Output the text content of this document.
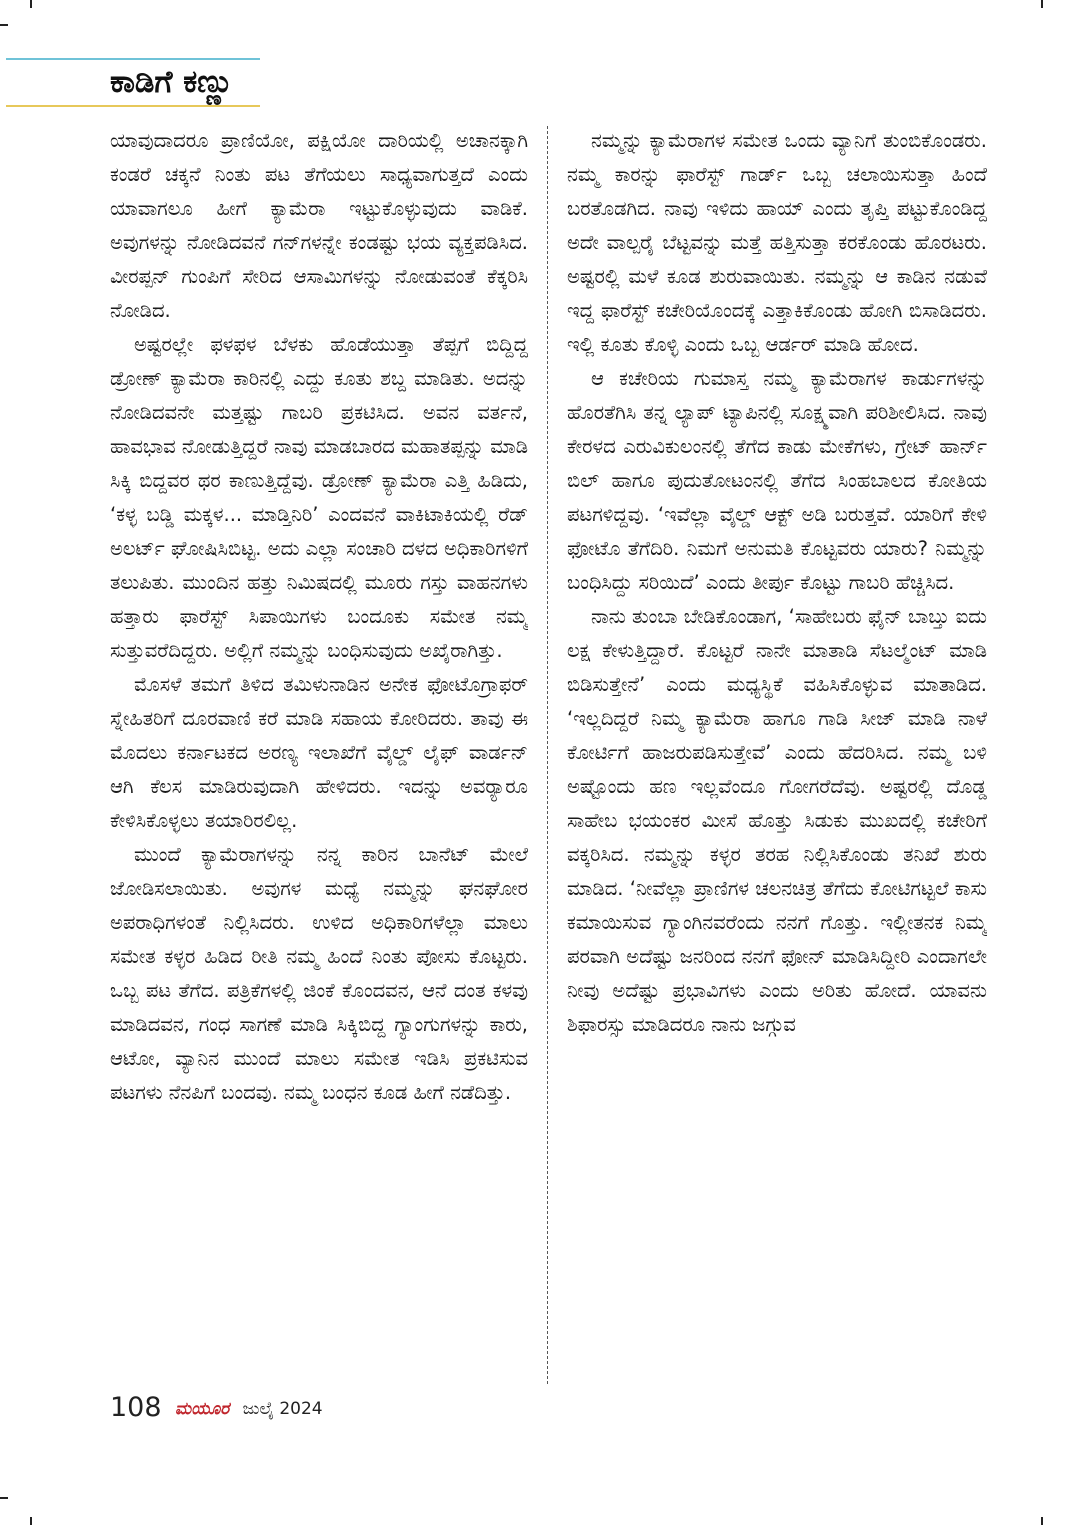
ಕಾಡಿಗೆ ಕಣ್ಣು

ಯಾವುದಾದರೂ ಪ್ರಾಣಿಯೋ, ಪಕ್ಷಿಯೋ ದಾರಿಯಲ್ಲಿ ಅಚಾನಕ್ಕಾಗಿ ಕಂಡರೆ ಚಕ್ಕನೆ ನಿಂತು ಪಟ ತೆಗೆಯಲು ಸಾಧ್ಯವಾಗುತ್ತದೆ ಎಂದು ಯಾವಾಗಲೂ ಹೀಗೆ ಕ್ಯಾಮೆರಾ ಇಟ್ಟುಕೊಳ್ಳುವುದು ವಾಡಿಕೆ. ಅವುಗಳನ್ನು ನೋಡಿದವನೆ ಗನ್‌ಗಳನ್ನೇ ಕಂಡಷ್ಟು ಭಯ ವ್ಯಕ್ತಪಡಿಸಿದ. ವೀರಪ್ಪನ್ ಗುಂಪಿಗೆ ಸೇರಿದ ಆಸಾಮಿಗಳನ್ನು ನೋಡುವಂತೆ ಕೆಕ್ಕರಿಸಿ ನೋಡಿದ.

ಅಷ್ಟರಲ್ಲೇ ಫಳಫಳ ಬೆಳಕು ಹೊಡೆಯುತ್ತಾ ತೆಪ್ಪಗೆ ಬಿದ್ದಿದ್ದ ಡ್ರೋಣ್ ಕ್ಯಾಮೆರಾ ಕಾರಿನಲ್ಲಿ ಎದ್ದು ಕೂತು ಶಬ್ದ ಮಾಡಿತು. ಅದನ್ನು ನೋಡಿದವನೇ ಮತ್ತಷ್ಟು ಗಾಬರಿ ಪ್ರಕಟಿಸಿದ. ಅವನ ವರ್ತನೆ, ಹಾವಭಾವ ನೋಡುತ್ತಿದ್ದರೆ ನಾವು ಮಾಡಬಾರದ ಮಹಾತಪ್ಪನ್ನು ಮಾಡಿ ಸಿಕ್ಕಿ ಬಿದ್ದವರ ಥರ ಕಾಣುತ್ತಿದ್ದೆವು. ಡ್ರೋಣ್ ಕ್ಯಾಮೆರಾ ಎತ್ತಿ ಹಿಡಿದು, ‘ಕಳ್ಳ ಬಡ್ಡಿ ಮಕ್ಕಳ... ಮಾಡ್ತಿನಿರಿ’ ಎಂದವನೆ ವಾಕಿಟಾಕಿಯಲ್ಲಿ ರೆಡ್ ಅಲರ್ಟ್ ಘೋಷಿಸಿಬಿಟ್ಟ. ಅದು ಎಲ್ಲಾ ಸಂಚಾರಿ ದಳದ ಅಧಿಕಾರಿಗಳಿಗೆ ತಲುಪಿತು. ಮುಂದಿನ ಹತ್ತು ನಿಮಿಷದಲ್ಲಿ ಮೂರು ಗಸ್ತು ವಾಹನಗಳು ಹತ್ತಾರು ಫಾರೆಸ್ಟ್ ಸಿಪಾಯಿಗಳು ಬಂದೂಕು ಸಮೇತ ನಮ್ಮ ಸುತ್ತುವರೆದಿದ್ದರು. ಅಲ್ಲಿಗೆ ನಮ್ಮನ್ನು ಬಂಧಿಸುವುದು ಅಖೈರಾಗಿತ್ತು.

ಮೊಸಳೆ ತಮಗೆ ತಿಳಿದ ತಮಿಳುನಾಡಿನ ಅನೇಕ ಫೋಟೊಗ್ರಾಫರ್ ಸ್ನೇಹಿತರಿಗೆ ದೂರವಾಣಿ ಕರೆ ಮಾಡಿ ಸಹಾಯ ಕೋರಿದರು. ತಾವು ಈ ಮೊದಲು ಕರ್ನಾಟಕದ ಅರಣ್ಯ ಇಲಾಖೆಗೆ ವೈಲ್ಡ್ ಲೈಫ್ ವಾರ್ಡನ್ ಆಗಿ ಕೆಲಸ ಮಾಡಿರುವುದಾಗಿ ಹೇಳಿದರು. ಇದನ್ನು ಅವರ್‍ಯಾರೂ ಕೇಳಿಸಿಕೊಳ್ಳಲು ತಯಾರಿರಲಿಲ್ಲ.

ಮುಂದೆ ಕ್ಯಾಮೆರಾಗಳನ್ನು ನನ್ನ ಕಾರಿನ ಬಾನೆಟ್ ಮೇಲೆ ಜೋಡಿಸಲಾಯಿತು. ಅವುಗಳ ಮಧ್ಯೆ ನಮ್ಮನ್ನು ಘನಘೋರ ಅಪರಾಧಿಗಳಂತೆ ನಿಲ್ಲಿಸಿದರು. ಉಳಿದ ಅಧಿಕಾರಿಗಳೆಲ್ಲಾ ಮಾಲು ಸಮೇತ ಕಳ್ಳರ ಹಿಡಿದ ರೀತಿ ನಮ್ಮ ಹಿಂದೆ ನಿಂತು ಪೋಸು ಕೊಟ್ಟರು. ಒಬ್ಬ ಪಟ ತೆಗೆದ. ಪತ್ರಿಕೆಗಳಲ್ಲಿ ಜಿಂಕೆ ಕೊಂದವನ, ಆನೆ ದಂತ ಕಳವು ಮಾಡಿದವನ, ಗಂಧ ಸಾಗಣೆ ಮಾಡಿ ಸಿಕ್ಕಿಬಿದ್ದ ಗ್ಯಾಂಗುಗಳನ್ನು ಕಾರು, ಆಟೋ, ವ್ಯಾನಿನ ಮುಂದೆ ಮಾಲು ಸಮೇತ ಇಡಿಸಿ ಪ್ರಕಟಿಸುವ ಪಟಗಳು ನೆನಪಿಗೆ ಬಂದವು. ನಮ್ಮ ಬಂಧನ ಕೂಡ ಹೀಗೆ ನಡೆದಿತ್ತು.

ನಮ್ಮನ್ನು ಕ್ಯಾಮೆರಾಗಳ ಸಮೇತ ಒಂದು ವ್ಯಾನಿಗೆ ತುಂಬಿಕೊಂಡರು. ನಮ್ಮ ಕಾರನ್ನು ಫಾರೆಸ್ಟ್ ಗಾರ್ಡ್ ಒಬ್ಬ ಚಲಾಯಿಸುತ್ತಾ ಹಿಂದೆ ಬರತೊಡಗಿದ. ನಾವು ಇಳಿದು ಹಾಯ್ ಎಂದು ತೃಪ್ತಿ ಪಟ್ಟುಕೊಂಡಿದ್ದ ಅದೇ ವಾಲ್ಪರೈ ಬೆಟ್ಟವನ್ನು ಮತ್ತೆ ಹತ್ತಿಸುತ್ತಾ ಕರಕೊಂಡು ಹೊರಟರು. ಅಷ್ಟರಲ್ಲಿ ಮಳೆ ಕೂಡ ಶುರುವಾಯಿತು. ನಮ್ಮನ್ನು ಆ ಕಾಡಿನ ನಡುವೆ ಇದ್ದ ಫಾರೆಸ್ಟ್ ಕಚೇರಿಯೊಂದಕ್ಕೆ ಎತ್ತಾಕಿಕೊಂಡು ಹೋಗಿ ಬಿಸಾಡಿದರು. ಇಲ್ಲಿ ಕೂತು ಕೊಳ್ಳಿ ಎಂದು ಒಬ್ಬ ಆರ್ಡರ್ ಮಾಡಿ ಹೋದ.

ಆ ಕಚೇರಿಯ ಗುಮಾಸ್ತ ನಮ್ಮ ಕ್ಯಾಮೆರಾಗಳ ಕಾರ್ಡುಗಳನ್ನು ಹೊರತೆಗಿಸಿ ತನ್ನ ಲ್ಯಾಪ್ ಟ್ಯಾಪಿನಲ್ಲಿ ಸೂಕ್ಷ್ಮವಾಗಿ ಪರಿಶೀಲಿಸಿದ. ನಾವು ಕೇರಳದ ಎರುವಿಕುಲಂನಲ್ಲಿ ತೆಗೆದ ಕಾಡು ಮೇಕೆಗಳು, ಗ್ರೇಟ್ ಹಾರ್ನ್ ಬಿಲ್ ಹಾಗೂ ಪುದುತೋಟಂನಲ್ಲಿ ತೆಗೆದ ಸಿಂಹಬಾಲದ ಕೋತಿಯ ಪಟಗಳಿದ್ದವು. ‘ಇವೆಲ್ಲಾ ವೈಲ್ಡ್ ಆಕ್ಟ್ ಅಡಿ ಬರುತ್ತವೆ. ಯಾರಿಗೆ ಕೇಳಿ ಫೋಟೊ ತೆಗೆದಿರಿ. ನಿಮಗೆ ಅನುಮತಿ ಕೊಟ್ಟವರು ಯಾರು? ನಿಮ್ಮನ್ನು ಬಂಧಿಸಿದ್ದು ಸರಿಯಿದೆ’ ಎಂದು ತೀರ್ಪು ಕೊಟ್ಟು ಗಾಬರಿ ಹೆಚ್ಚಿಸಿದ.

ನಾನು ತುಂಬಾ ಬೇಡಿಕೊಂಡಾಗ, ‘ಸಾಹೇಬರು ಫೈನ್ ಬಾಬ್ತು ಐದು ಲಕ್ಷ ಕೇಳುತ್ತಿದ್ದಾರೆ. ಕೊಟ್ಟರೆ ನಾನೇ ಮಾತಾಡಿ ಸೆಟಲ್ಮೆಂಟ್ ಮಾಡಿ ಬಿಡಿಸುತ್ತೇನೆ’ ಎಂದು ಮಧ್ಯಸ್ಥಿಕೆ ವಹಿಸಿಕೊಳ್ಳುವ ಮಾತಾಡಿದ. ‘ಇಲ್ಲದಿದ್ದರೆ ನಿಮ್ಮ ಕ್ಯಾಮೆರಾ ಹಾಗೂ ಗಾಡಿ ಸೀಜ್ ಮಾಡಿ ನಾಳೆ ಕೋರ್ಟಿಗೆ ಹಾಜರುಪಡಿಸುತ್ತೇವೆ’ ಎಂದು ಹೆದರಿಸಿದ. ನಮ್ಮ ಬಳಿ ಅಷ್ಟೊಂದು ಹಣ ಇಲ್ಲವೆಂದೂ ಗೋಗರೆದೆವು. ಅಷ್ಟರಲ್ಲಿ ದೊಡ್ಡ ಸಾಹೇಬ ಭಯಂಕರ ಮೀಸೆ ಹೊತ್ತು ಸಿಡುಕು ಮುಖದಲ್ಲಿ ಕಚೇರಿಗೆ ವಕ್ಕರಿಸಿದ. ನಮ್ಮನ್ನು ಕಳ್ಳರ ತರಹ ನಿಲ್ಲಿಸಿಕೊಂಡು ತನಿಖೆ ಶುರು ಮಾಡಿದ. ‘ನೀವೆಲ್ಲಾ ಪ್ರಾಣಿಗಳ ಚಲನಚಿತ್ರ ತೆಗೆದು ಕೋಟಿಗಟ್ಟಲೆ ಕಾಸು ಕಮಾಯಿಸುವ ಗ್ಯಾಂಗಿನವರೆಂದು ನನಗೆ ಗೊತ್ತು. ಇಲ್ಲೀತನಕ ನಿಮ್ಮ ಪರವಾಗಿ ಅದೆಷ್ಟು ಜನರಿಂದ ನನಗೆ ಫೋನ್ ಮಾಡಿಸಿದ್ದೀರಿ ಎಂದಾಗಲೇ ನೀವು ಅದೆಷ್ಟು ಪ್ರಭಾವಿಗಳು ಎಂದು ಅರಿತು ಹೋದೆ. ಯಾವನು ಶಿಫಾರಸ್ಸು ಮಾಡಿದರೂ ನಾನು ಜಗ್ಗುವ

108 ಮಯೂರ ಜುಲೈ 2024
